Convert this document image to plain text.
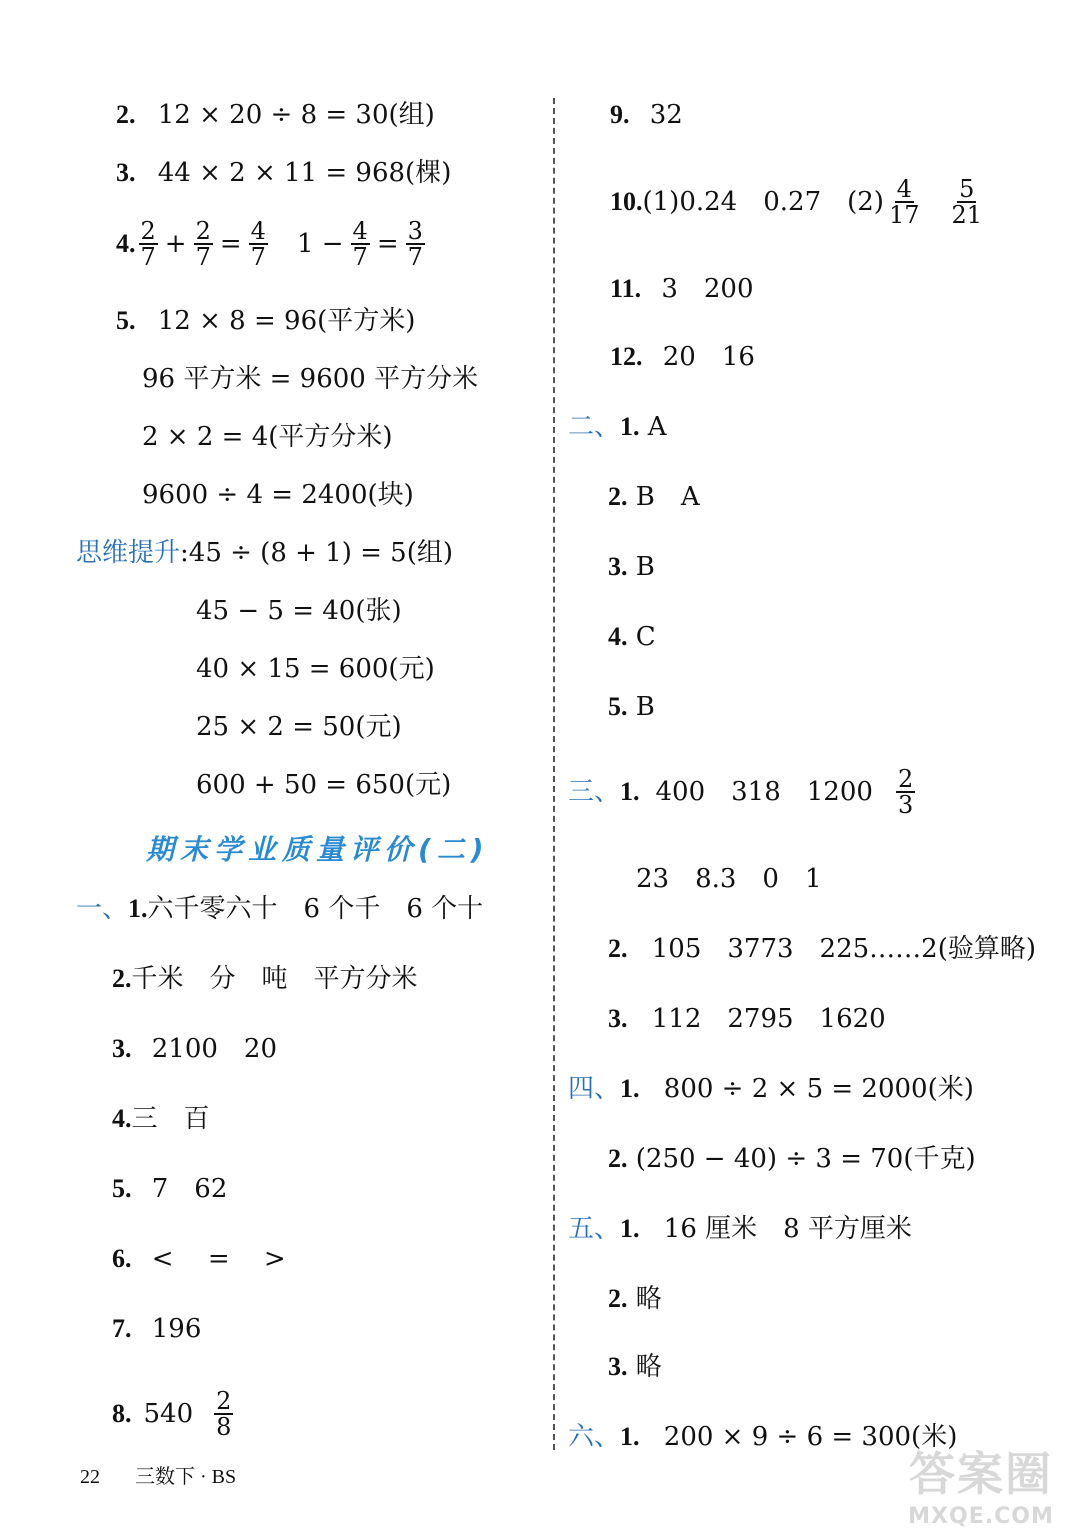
2. 12 × 20 ÷ 8 = 30(组)
3. 44 × 2 × 11 = 968(棵)
4. $\frac{2}{7} + \frac{2}{7} = \frac{4}{7} 1 - \frac{4}{7} = \frac{3}{7}$
5. 12 × 8 = 96(平方米)
96 平方米 = 9600 平方分米
2 × 2 = 4(平方分米)
9600 ÷ 4 = 2400(块)
思维提升:45 ÷ (8 + 1) = 5(组)
45 − 5 = 40(张)
40 × 15 = 600(元)
25 × 2 = 50(元)
600 + 50 = 650(元)
期末学业质量评价(二)
一、1.六千零六十　6 个千　6 个十
2.千米　分　吨　平方分米
3. 2100　20
4.三　百
5. 7　62
6. <　 =　 >
7. 196
8. $540 \frac{2}{8}$
9. 32
10. (1)0.24　0.27　$(2) \frac{4}{17} \frac{5}{21}$
11. 3　200
12. 20　16
二、1. A
2. B　A
3. B
4. C
5. B
三、 1. 400　318　$1200 \frac{2}{3}$
23　8.3　0　1
2. 105　3773　225……2(验算略)
3. 112　2795　1620
四、1. 800 ÷ 2 × 5 = 2000(米)
2. (250 − 40) ÷ 3 = 70(千克)
五、1. 16 厘米　8 平方厘米
2. 略
3. 略
六、1. 200 × 9 ÷ 6 = 300(米)
22 三数下 · BS	答案圈
MXQE.COM
